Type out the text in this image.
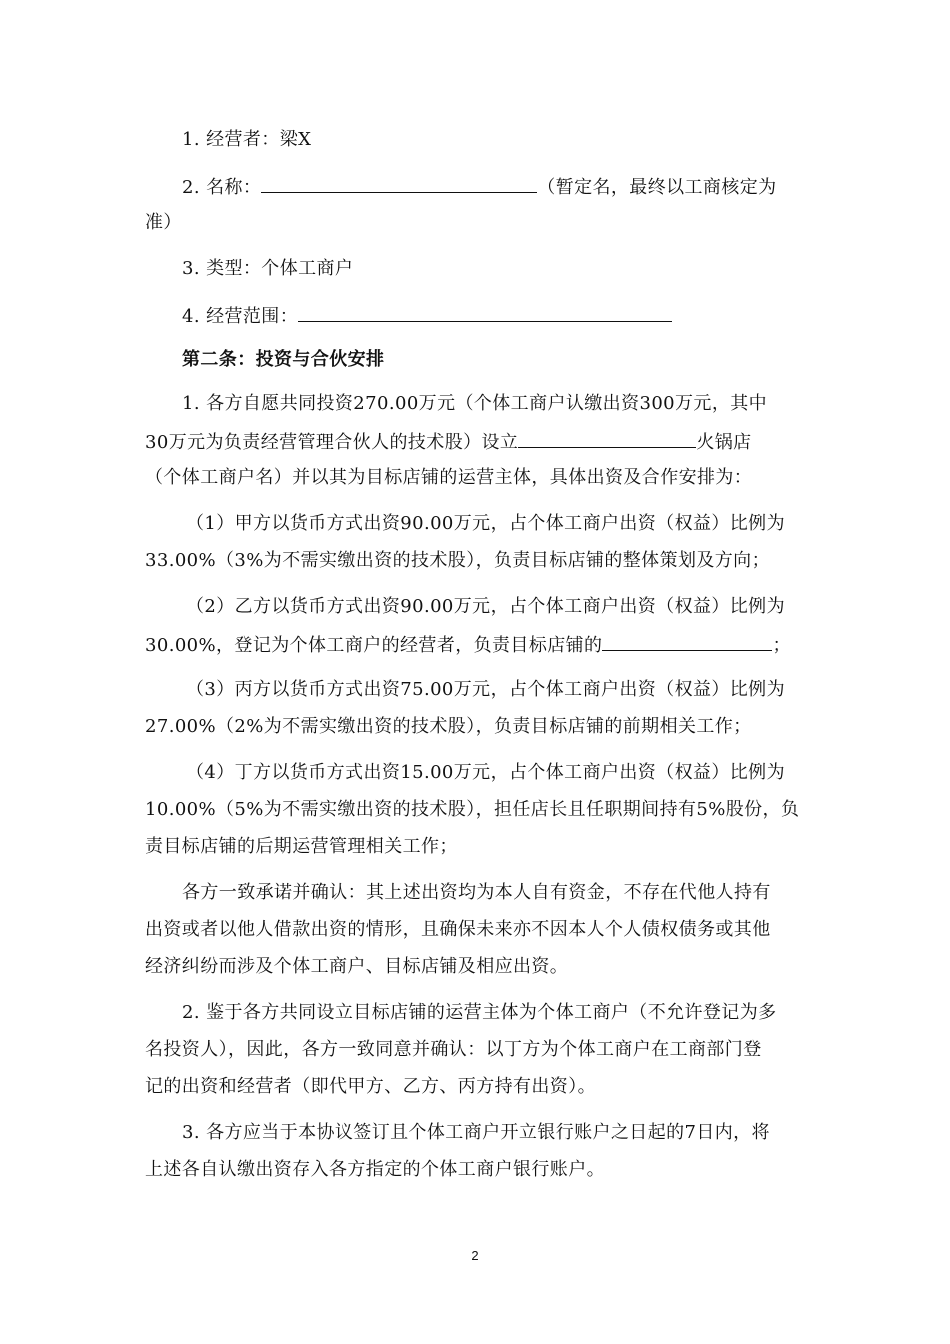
1. 经营者：梁X
2. 名称：	（暂定名，最终以工商核定为
准）
3. 类型：个体工商户
4. 经营范围：
第二条：投资与合伙安排
1. 各方自愿共同投资270.00万元（个体工商户认缴出资300万元，其中
30万元为负责经营管理合伙人的技术股）设立	火锅店
（个体工商户名）并以其为目标店铺的运营主体，具体出资及合作安排为：
（1）甲方以货币方式出资90.00万元，占个体工商户出资（权益）比例为
33.00%（3%为不需实缴出资的技术股），负责目标店铺的整体策划及方向；
（2）乙方以货币方式出资90.00万元，占个体工商户出资（权益）比例为
30.00%，登记为个体工商户的经营者，负责目标店铺的	；
（3）丙方以货币方式出资75.00万元，占个体工商户出资（权益）比例为
27.00%（2%为不需实缴出资的技术股），负责目标店铺的前期相关工作；
（4）丁方以货币方式出资15.00万元，占个体工商户出资（权益）比例为
10.00%（5%为不需实缴出资的技术股），担任店长且任职期间持有5%股份，负
责目标店铺的后期运营管理相关工作；
各方一致承诺并确认：其上述出资均为本人自有资金，不存在代他人持有
出资或者以他人借款出资的情形，且确保未来亦不因本人个人债权债务或其他
经济纠纷而涉及个体工商户、目标店铺及相应出资。
2. 鉴于各方共同设立目标店铺的运营主体为个体工商户（不允许登记为多
名投资人），因此，各方一致同意并确认：以丁方为个体工商户在工商部门登
记的出资和经营者（即代甲方、乙方、丙方持有出资）。
3. 各方应当于本协议签订且个体工商户开立银行账户之日起的7日内，将
上述各自认缴出资存入各方指定的个体工商户银行账户。
2
